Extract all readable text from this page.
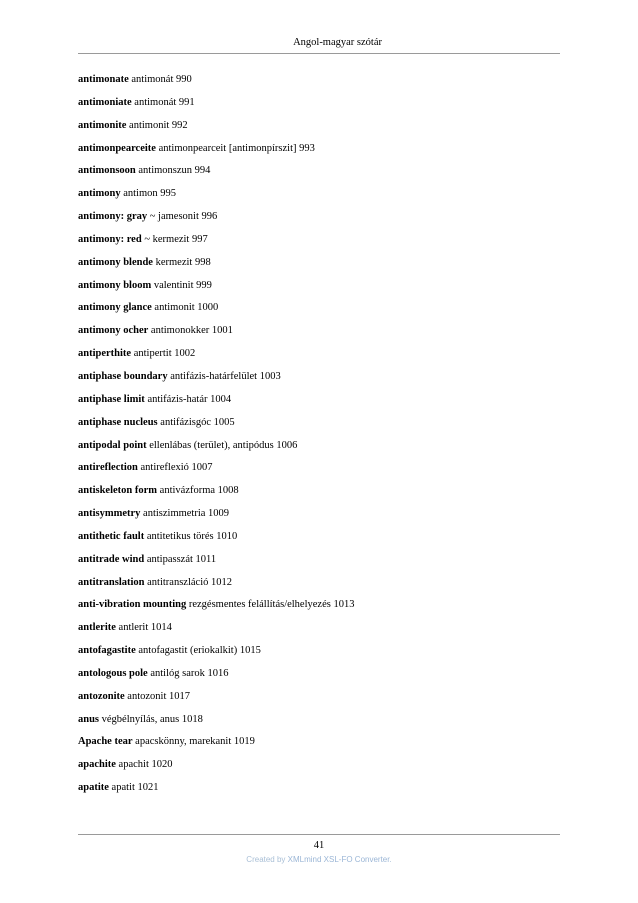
Angol-magyar szótár
antimonate antimonát 990
antimoniate antimonát 991
antimonite antimonit 992
antimonpearceite antimonpearceit [antimonpírszit] 993
antimonsoon antimonszun 994
antimony antimon 995
antimony: gray ~ jamesonit 996
antimony: red ~ kermezit 997
antimony blende kermezit 998
antimony bloom valentinit 999
antimony glance antimonit 1000
antimony ocher antimonokker 1001
antiperthite antipertit 1002
antiphase boundary antifázis-határfelület 1003
antiphase limit antifázis-határ 1004
antiphase nucleus antifázisgóc 1005
antipodal point ellenlábas (terület), antipódus 1006
antireflection antireflexió 1007
antiskeleton form antivázforma 1008
antisymmetry antiszimmetria 1009
antithetic fault antitetikus törés 1010
antitrade wind antipasszát 1011
antitranslation antitranszláció 1012
anti-vibration mounting rezgésmentes felállítás/elhelyezés 1013
antlerite antlerit 1014
antofagastite antofagastit (eriokalkit) 1015
antologous pole antilóg sarok 1016
antozonite antozonit 1017
anus végbélnyílás, anus 1018
Apache tear apacskönny, marekanit 1019
apachite apachit 1020
apatite apatit 1021
41
Created by XMLmind XSL-FO Converter.
